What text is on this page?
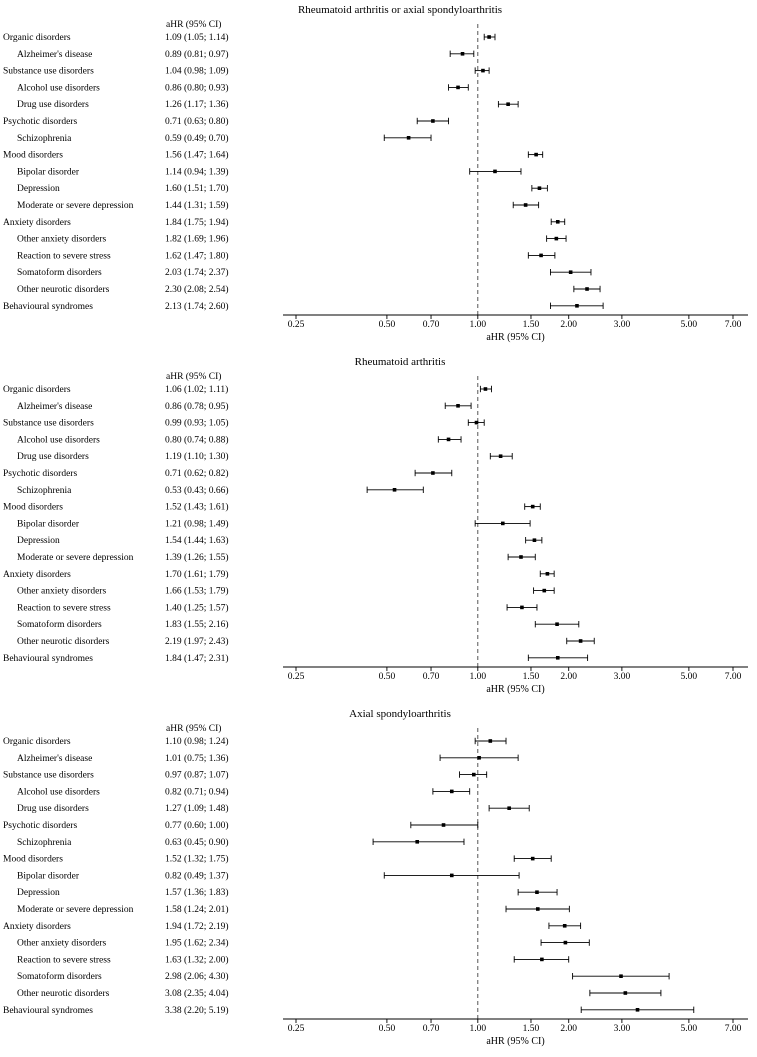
Rheumatoid arthritis or axial spondyloarthritis
aHR (95% CI)
Organic disorders	1.09 (1.05; 1.14)
Alzheimer's disease	0.89 (0.81; 0.97)
Substance use disorders	1.04 (0.98; 1.09)
Alcohol use disorders	0.86 (0.80; 0.93)
Drug use disorders	1.26 (1.17; 1.36)
Psychotic disorders	0.71 (0.63; 0.80)
Schizophrenia	0.59 (0.49; 0.70)
Mood disorders	1.56 (1.47; 1.64)
Bipolar disorder	1.14 (0.94; 1.39)
Depression	1.60 (1.51; 1.70)
Moderate or severe depression	1.44 (1.31; 1.59)
Anxiety disorders	1.84 (1.75; 1.94)
Other anxiety disorders	1.82 (1.69; 1.96)
Reaction to severe stress	1.62 (1.47; 1.80)
Somatoform disorders	2.03 (1.74; 2.37)
Other neurotic disorders	2.30 (2.08; 2.54)
Behavioural syndromes	2.13 (1.74; 2.60)
0.25	0.50	0.70	1.00	1.50 2.00	3.00	5.00	7.00
aHR (95% CI)
Rheumatoid arthritis
aHR (95% CI)
Organic disorders	1.06 (1.02; 1.11)
Alzheimer's disease	0.86 (0.78; 0.95)
Substance use disorders	0.99 (0.93; 1.05)
Alcohol use disorders	0.80 (0.74; 0.88)
Drug use disorders	1.19 (1.10; 1.30)
Psychotic disorders	0.71 (0.62; 0.82)
Schizophrenia	0.53 (0.43; 0.66)
Mood disorders	1.52 (1.43; 1.61)
Bipolar disorder	1.21 (0.98; 1.49)
Depression	1.54 (1.44; 1.63)
Moderate or severe depression	1.39 (1.26; 1.55)
Anxiety disorders	1.70 (1.61; 1.79)
Other anxiety disorders	1.66 (1.53; 1.79)
Reaction to severe stress	1.40 (1.25; 1.57)
Somatoform disorders	1.83 (1.55; 2.16)
Other neurotic disorders	2.19 (1.97; 2.43)
Behavioural syndromes	1.84 (1.47; 2.31)
0.25	0.50	0.70	1.00	1.50 2.00	3.00	5.00	7.00
aHR (95% CI)
Axial spondyloarthritis
aHR (95% CI)
Organic disorders	1.10 (0.98; 1.24)
Alzheimer's disease	1.01 (0.75; 1.36)
Substance use disorders	0.97 (0.87; 1.07)
Alcohol use disorders	0.82 (0.71; 0.94)
Drug use disorders	1.27 (1.09; 1.48)
Psychotic disorders	0.77 (0.60; 1.00)
Schizophrenia	0.63 (0.45; 0.90)
Mood disorders	1.52 (1.32; 1.75)
Bipolar disorder	0.82 (0.49; 1.37)
Depression	1.57 (1.36; 1.83)
Moderate or severe depression	1.58 (1.24; 2.01)
Anxiety disorders	1.94 (1.72; 2.19)
Other anxiety disorders	1.95 (1.62; 2.34)
Reaction to severe stress	1.63 (1.32; 2.00)
Somatoform disorders	2.98 (2.06; 4.30)
Other neurotic disorders	3.08 (2.35; 4.04)
Behavioural syndromes	3.38 (2.20; 5.19)
0.25	0.50	0.70	1.00	1.50 2.00	3.00	5.00	7.00
aHR (95% CI)
